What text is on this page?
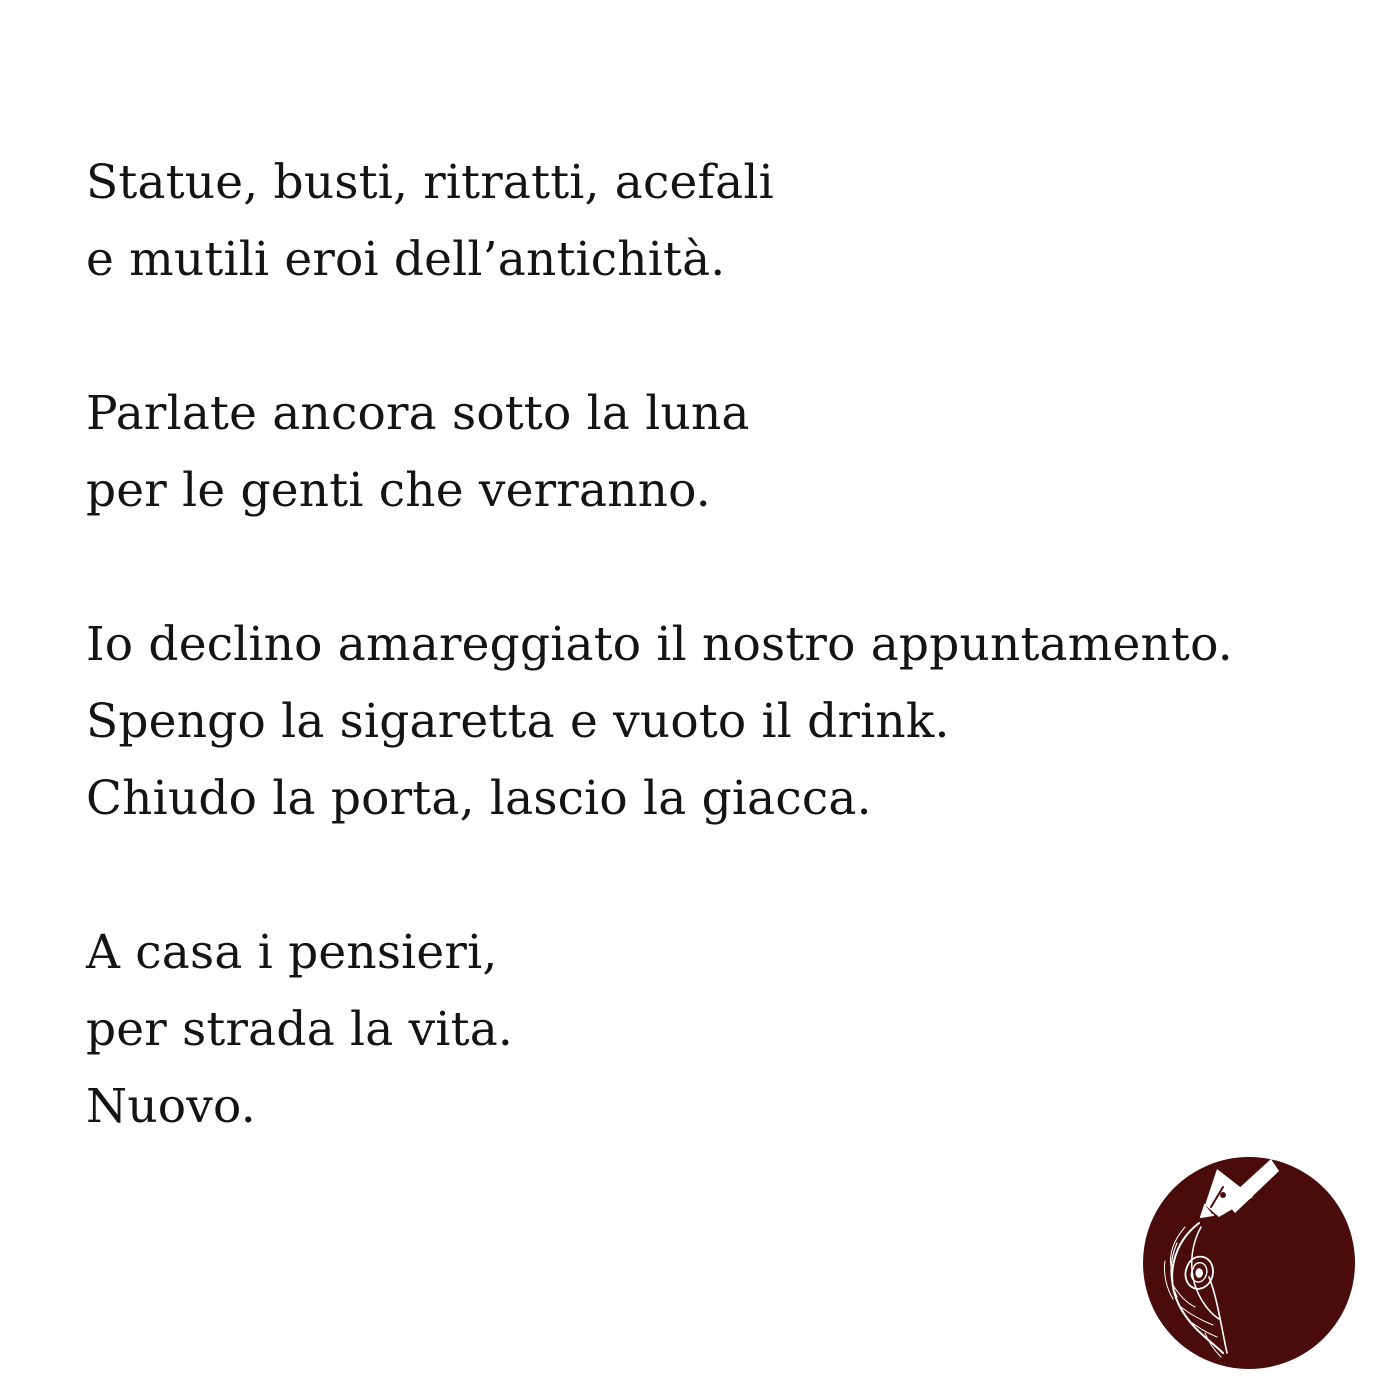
Statue, busti, ritratti, acefali
e mutili eroi dell’antichità.
Parlate ancora sotto la luna
per le genti che verranno.
Io declino amareggiato il nostro appuntamento.
Spengo la sigaretta e vuoto il drink.
Chiudo la porta, lascio la giacca.
A casa i pensieri,
per strada la vita.
Nuovo.
